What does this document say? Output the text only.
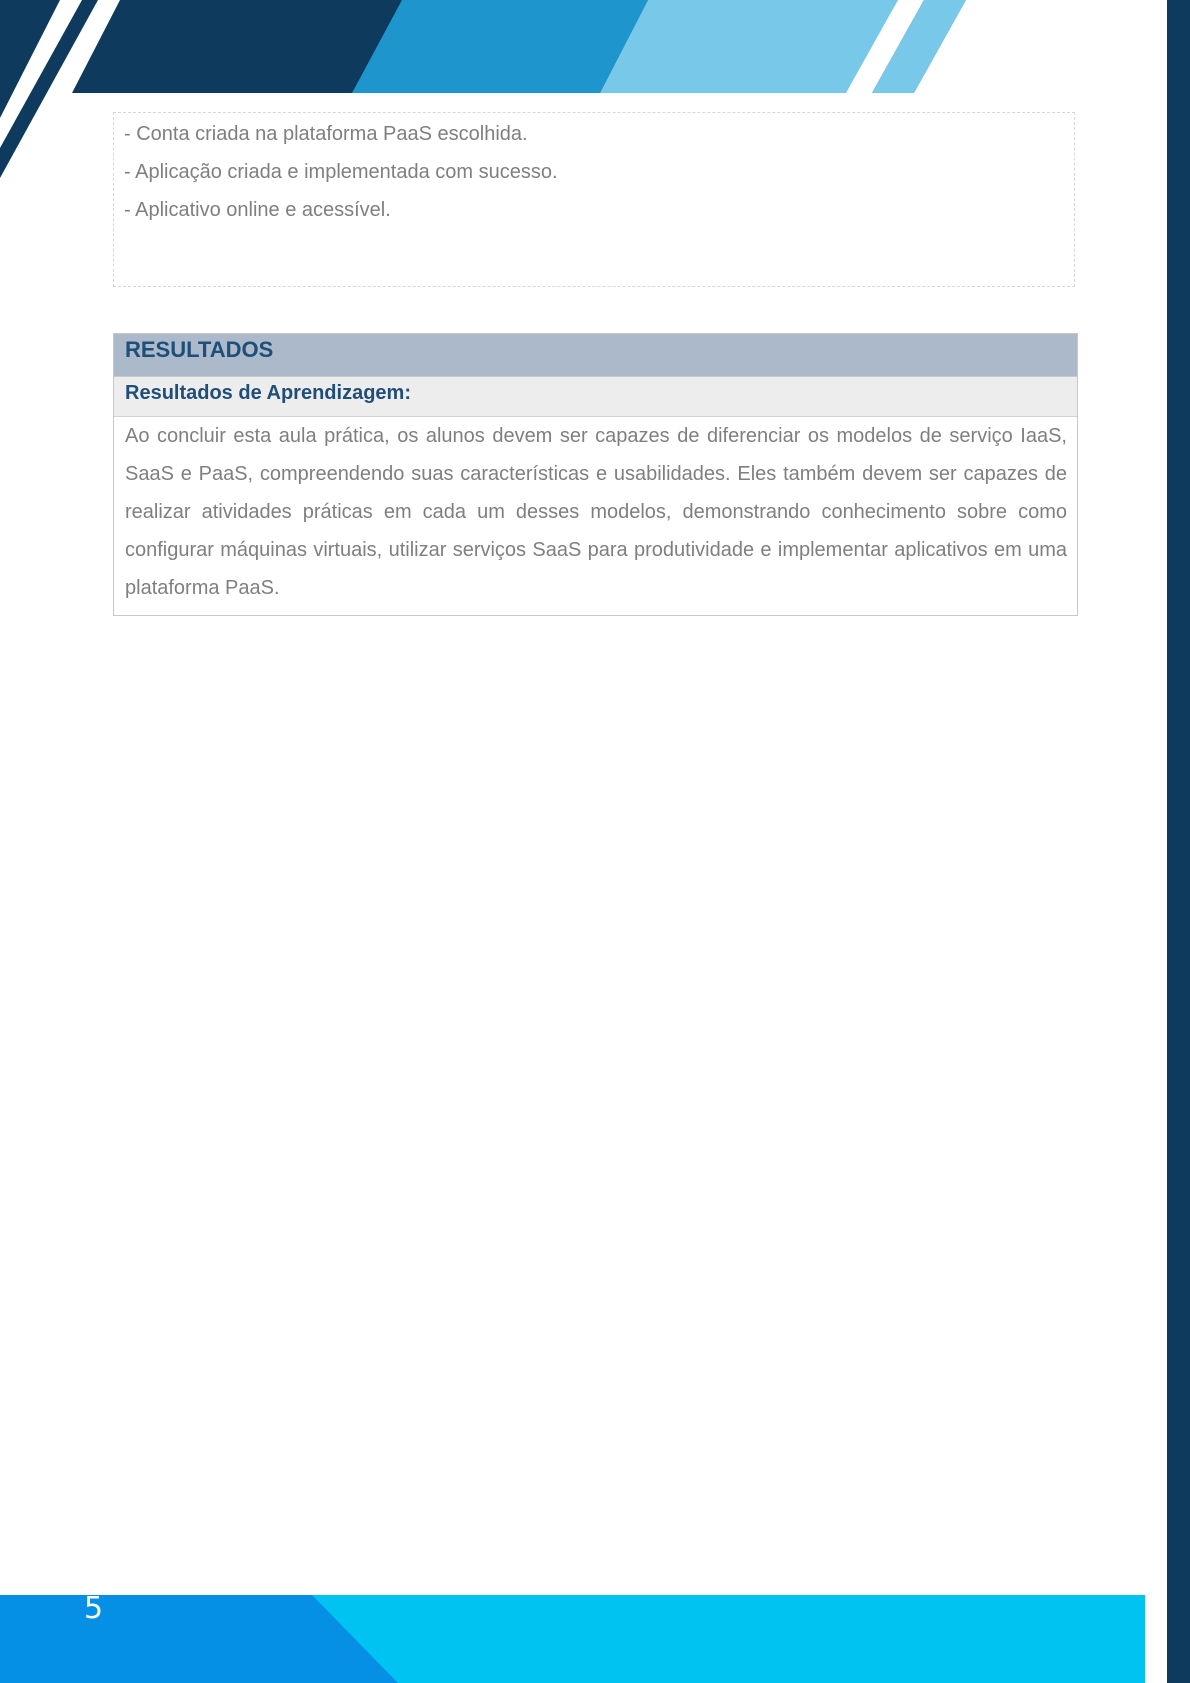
- Conta criada na plataforma PaaS escolhida.

- Aplicação criada e implementada com sucesso.

- Aplicativo online e acessível.

RESULTADOS
Resultados de Aprendizagem:
Ao concluir esta aula prática, os alunos devem ser capazes de diferenciar os modelos de serviço IaaS, SaaS e PaaS, compreendendo suas características e usabilidades. Eles também devem ser capazes de realizar atividades práticas em cada um desses modelos, demonstrando conhecimento sobre como configurar máquinas virtuais, utilizar serviços SaaS para produtividade e implementar aplicativos em uma plataforma PaaS.
5
